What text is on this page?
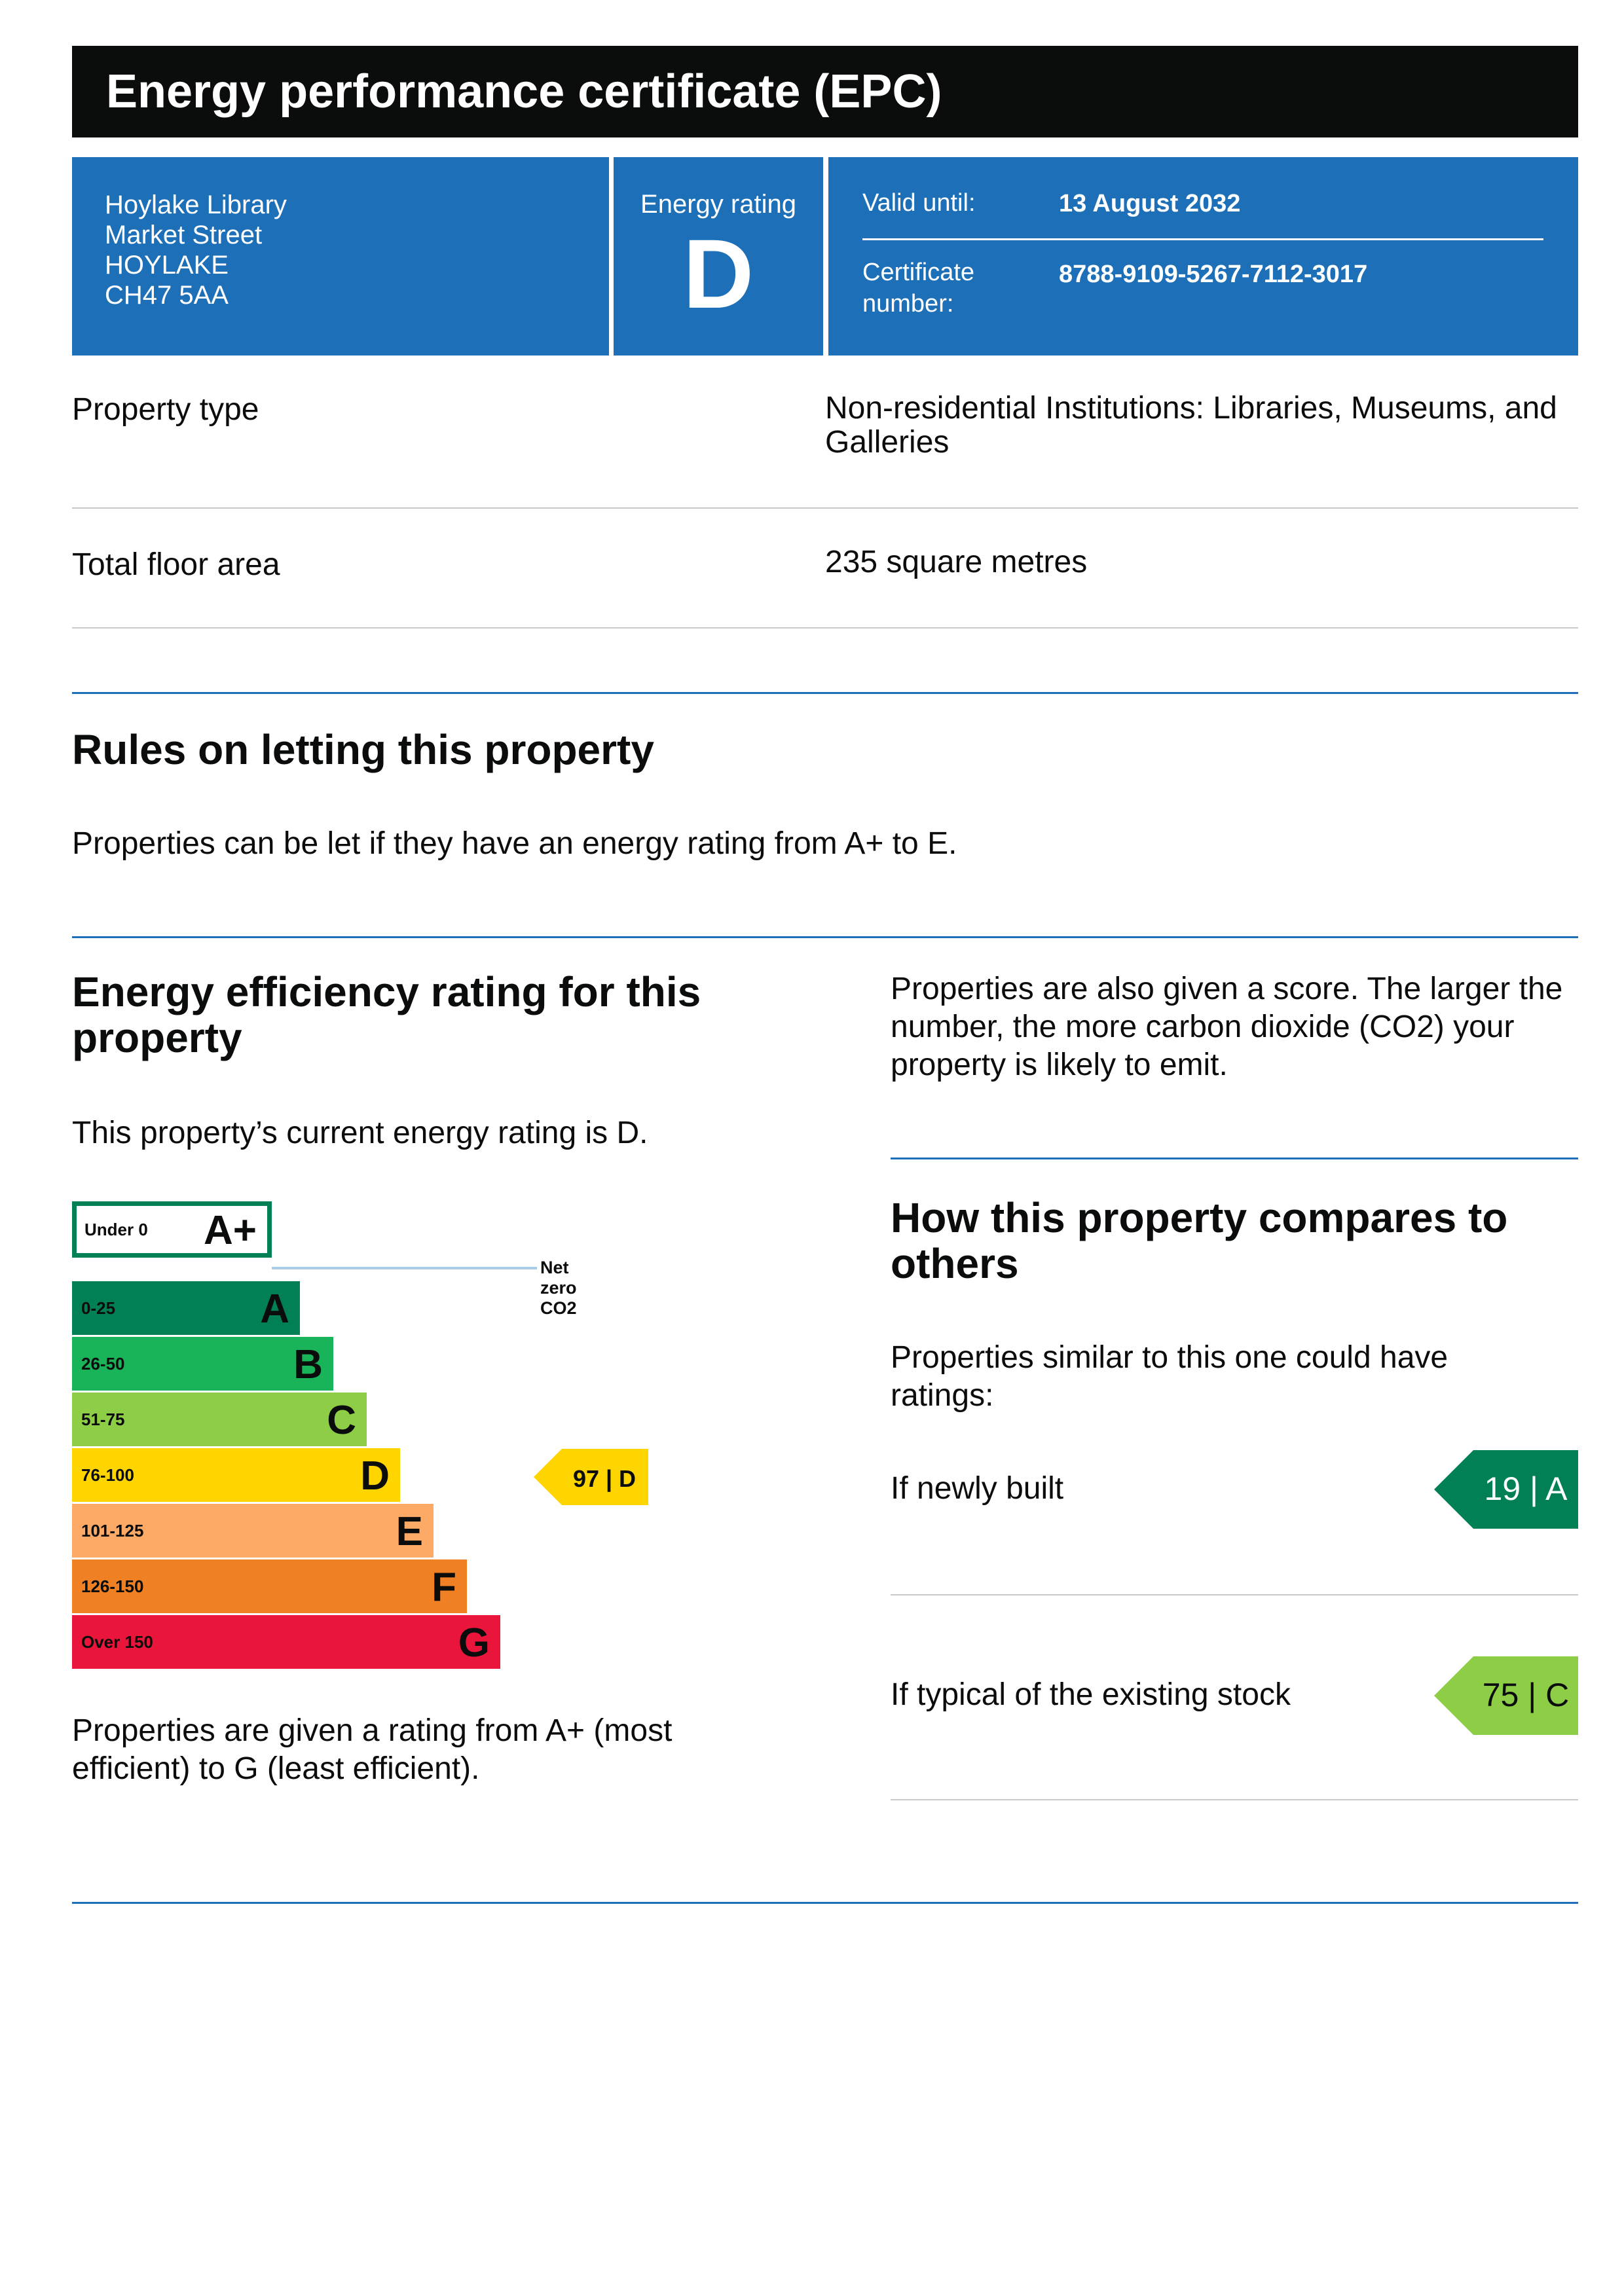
Energy performance certificate (EPC)
Hoylake Library
Market Street
HOYLAKE
CH47 5AA
Energy rating
D
Valid until:	13 August 2032
Certificate
number:
8788-9109-5267-7112-3017
Property type	Non-residential Institutions: Libraries, Museums, and Galleries
Total floor area	235 square metres
Rules on letting this property
Properties can be let if they have an energy rating from A+ to E.
Energy efficiency rating for this property
This property’s current energy rating is D.
Under 0 A+
Net zero CO2
0-25	A
26-50	B
51-75	C
76-100	D
101-125	E
126-150	F
Over 150	G
97 | D
Properties are given a rating from A+ (most efficient) to G (least efficient).
Properties are also given a score. The larger the number, the more carbon dioxide (CO2) your property is likely to emit.
How this property compares to others
Properties similar to this one could have ratings:
If newly built	19 | A
If typical of the existing stock	75 | C
